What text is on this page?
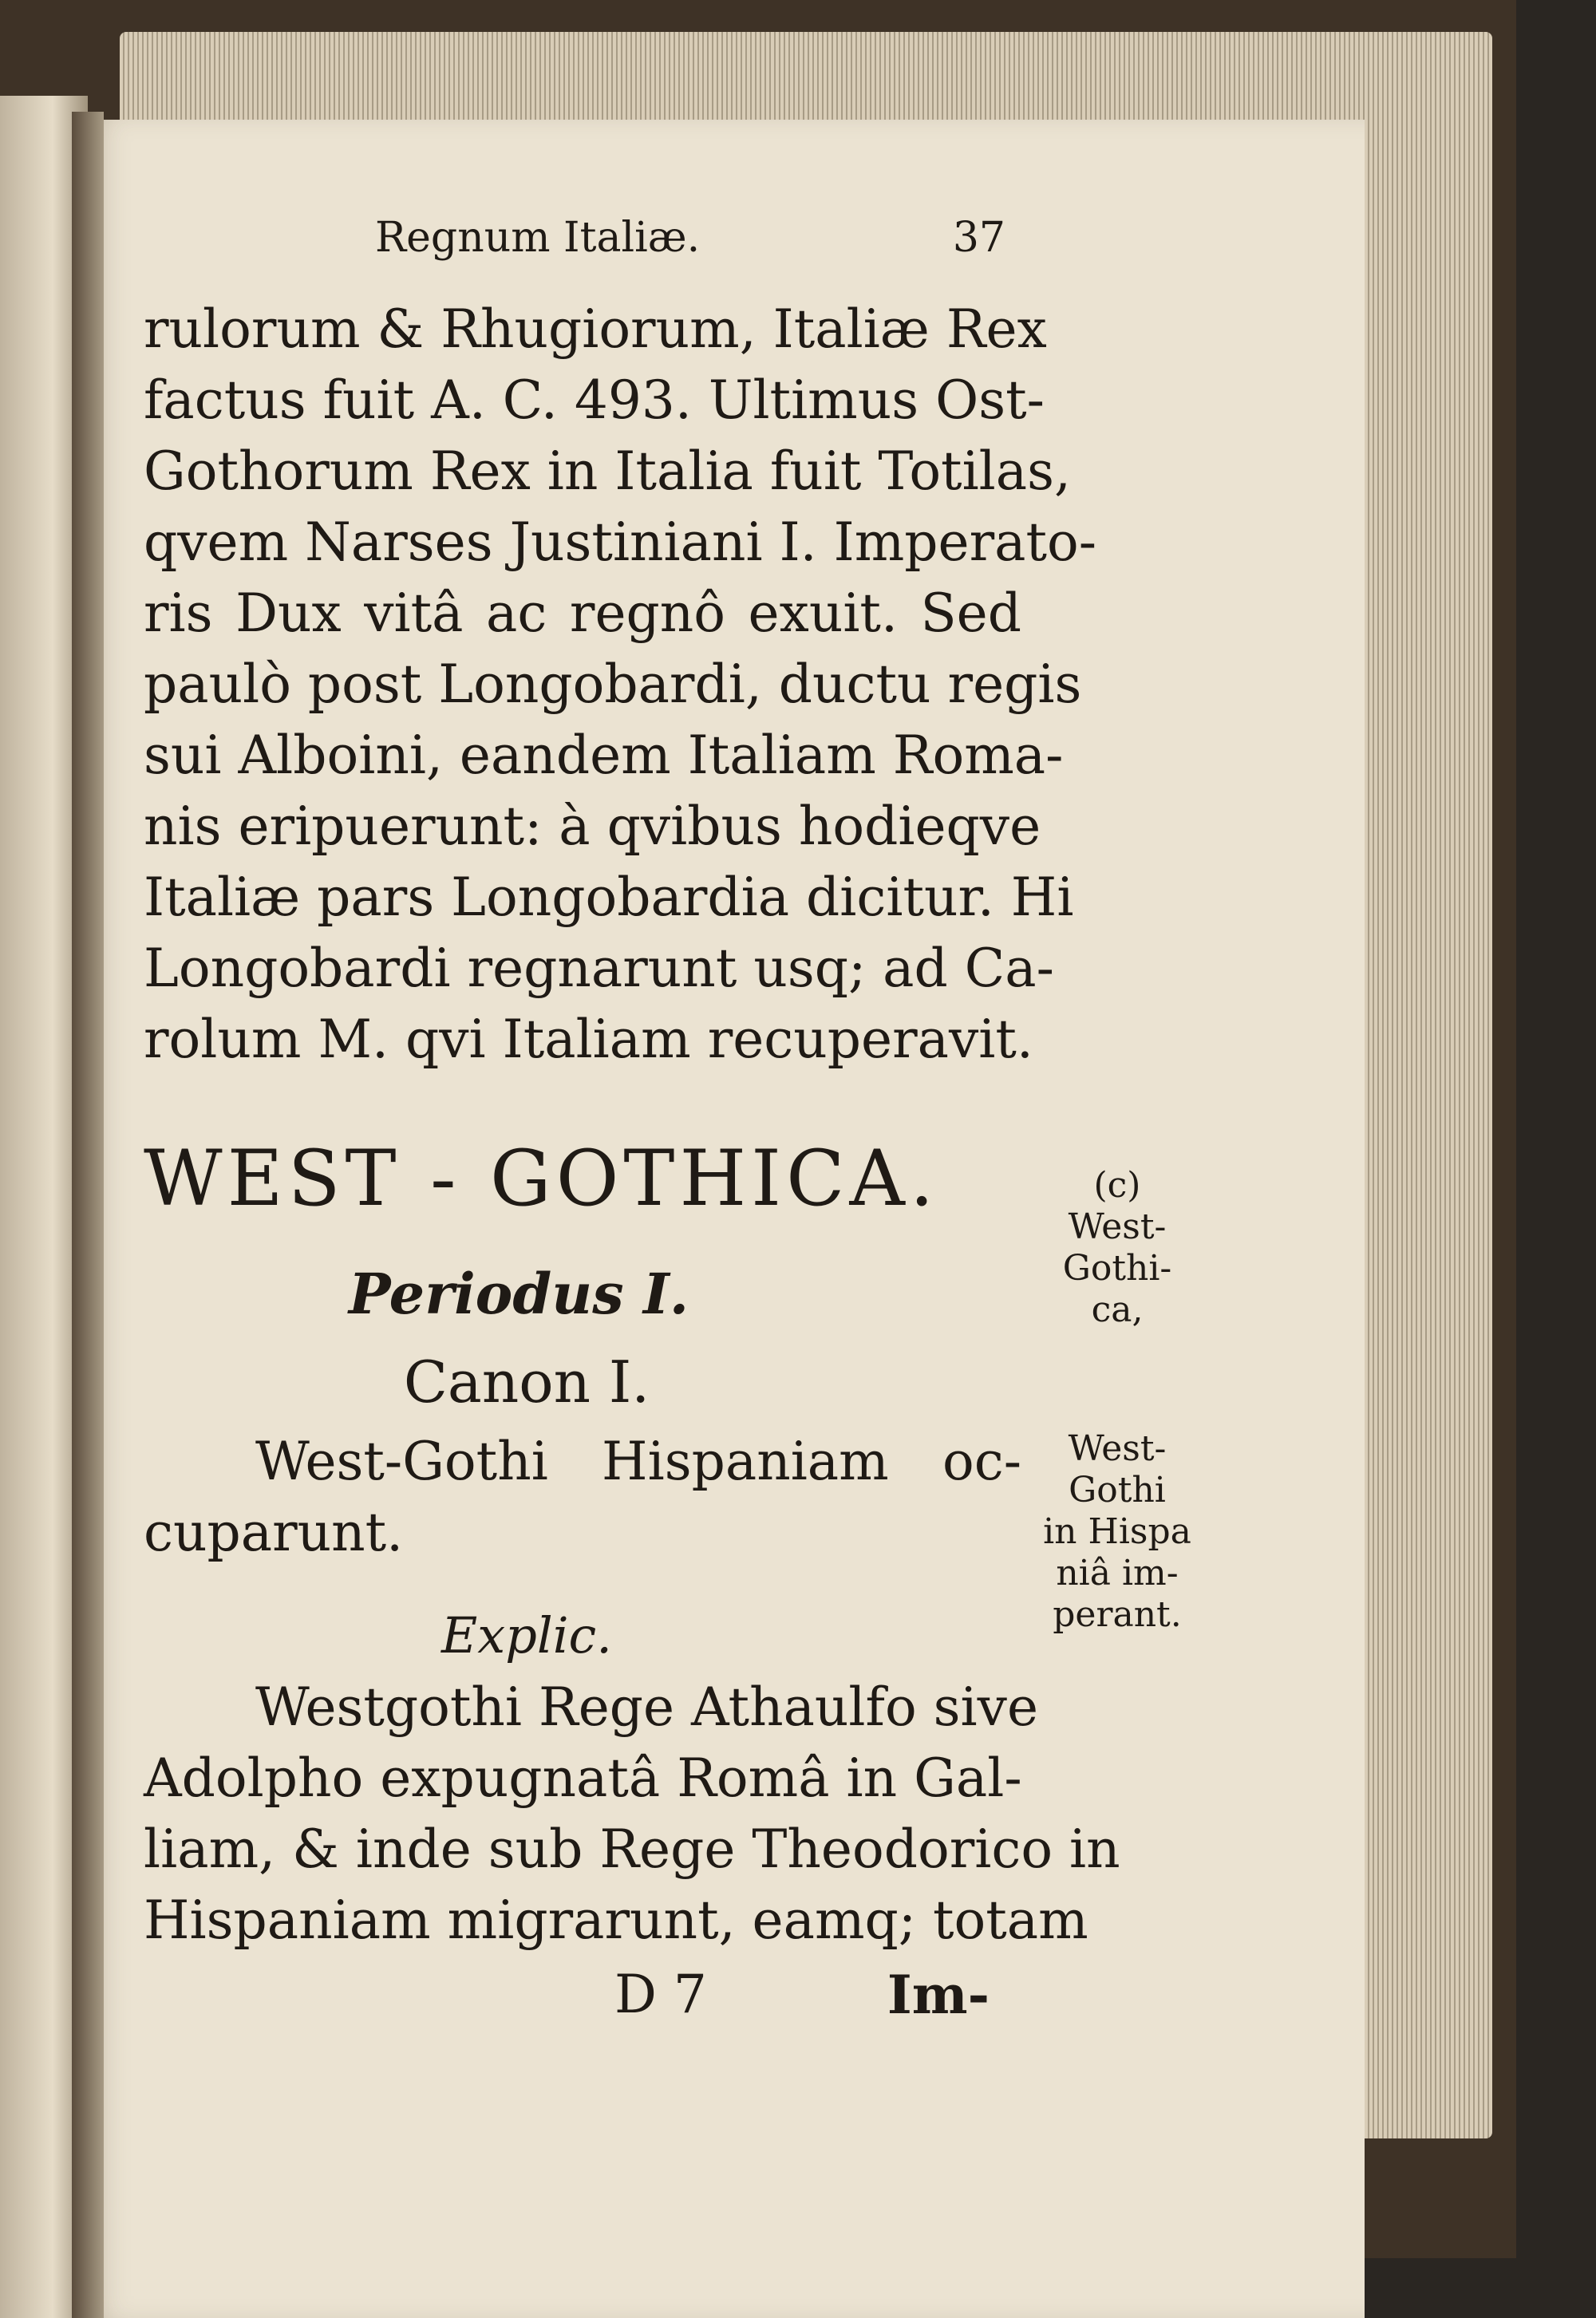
Regnum Italiæ.	37
rulorum & Rhugiorum, Italiæ Rex
factus fuit A. C. 493. Ultimus Ost-
Gothorum Rex in Italia fuit Totilas,
qvem Narses Justiniani I. Imperato-
ris Dux vitâ ac regnô exuit. Sed
paulò post Longobardi, ductu regis
sui Alboini, eandem Italiam Roma-
nis eripuerunt: à qvibus hodieqve
Italiæ pars Longobardia dicitur. Hi
Longobardi regnarunt usq; ad Ca-
rolum M. qvi Italiam recuperavit.
WEST - GOTHICA.
Periodus I.
Canon I.
West-Gothi Hispaniam oc-
cuparunt.
Explic.
Westgothi Rege Athaulfo sive
Adolpho expugnatâ Româ in Gal-
liam, & inde sub Rege Theodorico in
Hispaniam migrarunt, eamq; totam
D 7	Im-
(c)
West-
Gothi-
ca,
West-
Gothi
in Hispa
niâ im-
perant.
